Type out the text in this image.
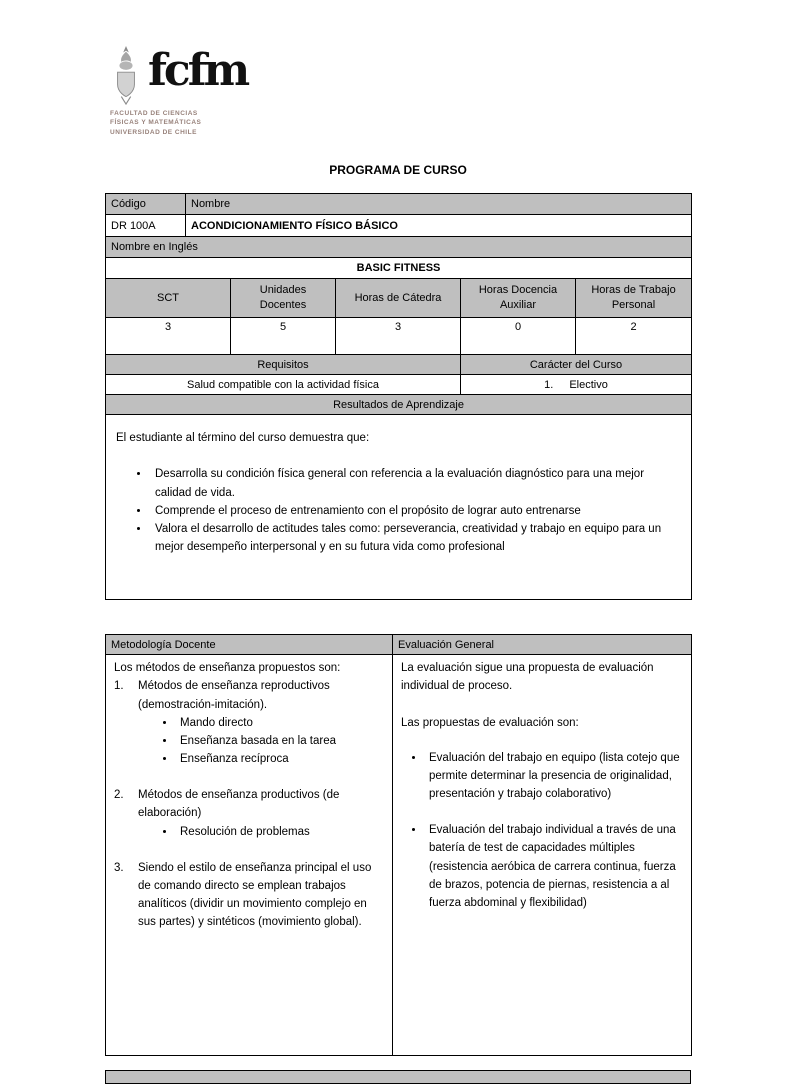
fcfm
FACULTAD DE CIENCIAS
FÍSICAS Y MATEMÁTICAS
UNIVERSIDAD DE CHILE
PROGRAMA DE CURSO
Código	Nombre				
DR 100A	ACONDICIONAMIENTO FÍSICO BÁSICO				
Nombre en Inglés					
BASIC FITNESS					
SCT		Unidades Docentes	Horas de Cátedra	Horas Docencia Auxiliar	Horas de Trabajo Personal
3		5	3	0	2
Requisitos				Carácter del Curso	
Salud compatible con la actividad física				1. Electivo	

Resultados de Aprendizaje					

El estudiante al término del curso demuestra que:

• Desarrolla su condición física general con referencia a la evaluación diagnóstico para una mejor calidad de vida.
• Comprende el proceso de entrenamiento con el propósito de lograr auto entrenarse
• Valora el desarrollo de actitudes tales como: perseverancia, creatividad y trabajo en equipo para un mejor desempeño interpersonal y en su futura vida como profesional
Metodología Docente	Evaluación General

Los métodos de enseñanza propuestos son:

1.	Métodos de enseñanza reproductivos (demostración-imitación).
• Mando directo
• Enseñanza basada en la tarea
• Enseñanza recíproca
2.	Métodos de enseñanza productivos (de elaboración)
• Resolución de problemas
3.	Siendo el estilo de enseñanza principal el uso de comando directo se emplean trabajos analíticos (dividir un movimiento complejo en sus partes) y sintéticos (movimiento global).

La evaluación sigue una propuesta de evaluación individual de proceso.

Las propuestas de evaluación son:

• Evaluación del trabajo en equipo (lista cotejo que permite determinar la presencia de originalidad, presentación y trabajo colaborativo)
• Evaluación del trabajo individual a través de una batería de test de capacidades múltiples (resistencia aeróbica de carrera continua, fuerza de brazos, potencia de piernas, resistencia a al fuerza abdominal y flexibilidad)
